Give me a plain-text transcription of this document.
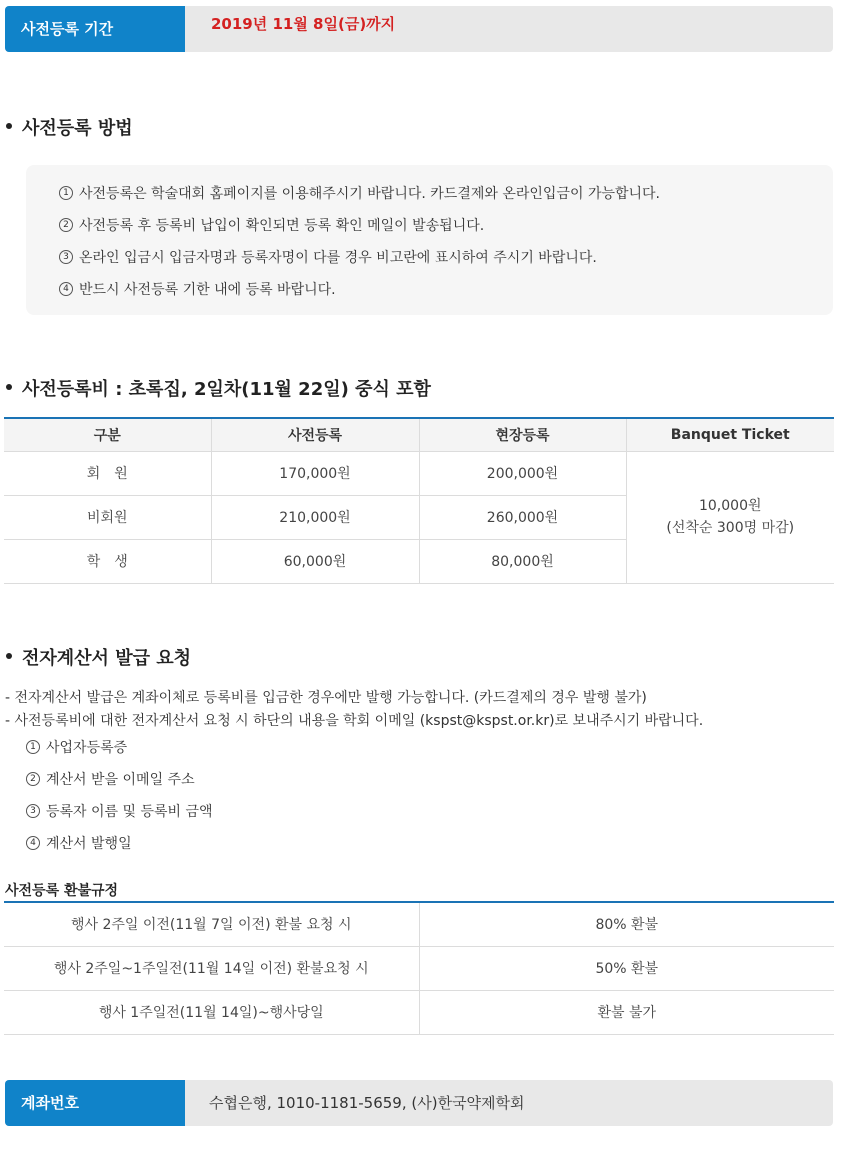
사전등록 기간	2019년 11월 8일(금)까지
사전등록 방법
1 사전등록은 학술대회 홈페이지를 이용해주시기 바랍니다. 카드결제와 온라인입금이 가능합니다.
2 사전등록 후 등록비 납입이 확인되면 등록 확인 메일이 발송됩니다.
3 온라인 입금시 입금자명과 등록자명이 다를 경우 비고란에 표시하여 주시기 바랍니다.
4 반드시 사전등록 기한 내에 등록 바랍니다.
사전등록비 : 초록집, 2일차(11월 22일) 중식 포함
구분	사전등록	현장등록	Banquet Ticket
회　원	170,000원	200,000원	10,000원
(선착순 300명 마감)

비회원	210,000원	260,000원	
학　생	60,000원	80,000원	
전자계산서 발급 요청
- 전자계산서 발급은 계좌이체로 등록비를 입금한 경우에만 발행 가능합니다. (카드결제의 경우 발행 불가)
- 사전등록비에 대한 전자계산서 요청 시 하단의 내용을 학회 이메일 (kspst@kspst.or.kr)로 보내주시기 바랍니다.
1 사업자등록증
2 계산서 받을 이메일 주소
3 등록자 이름 및 등록비 금액
4 계산서 발행일
사전등록 환불규정
행사 2주일 이전(11월 7일 이전) 환불 요청 시	80% 환불
행사 2주일~1주일전(11월 14일 이전) 환불요청 시	50% 환불
행사 1주일전(11월 14일)~행사당일	환불 불가
계좌번호	수협은행, 1010-1181-5659, (사)한국약제학회
